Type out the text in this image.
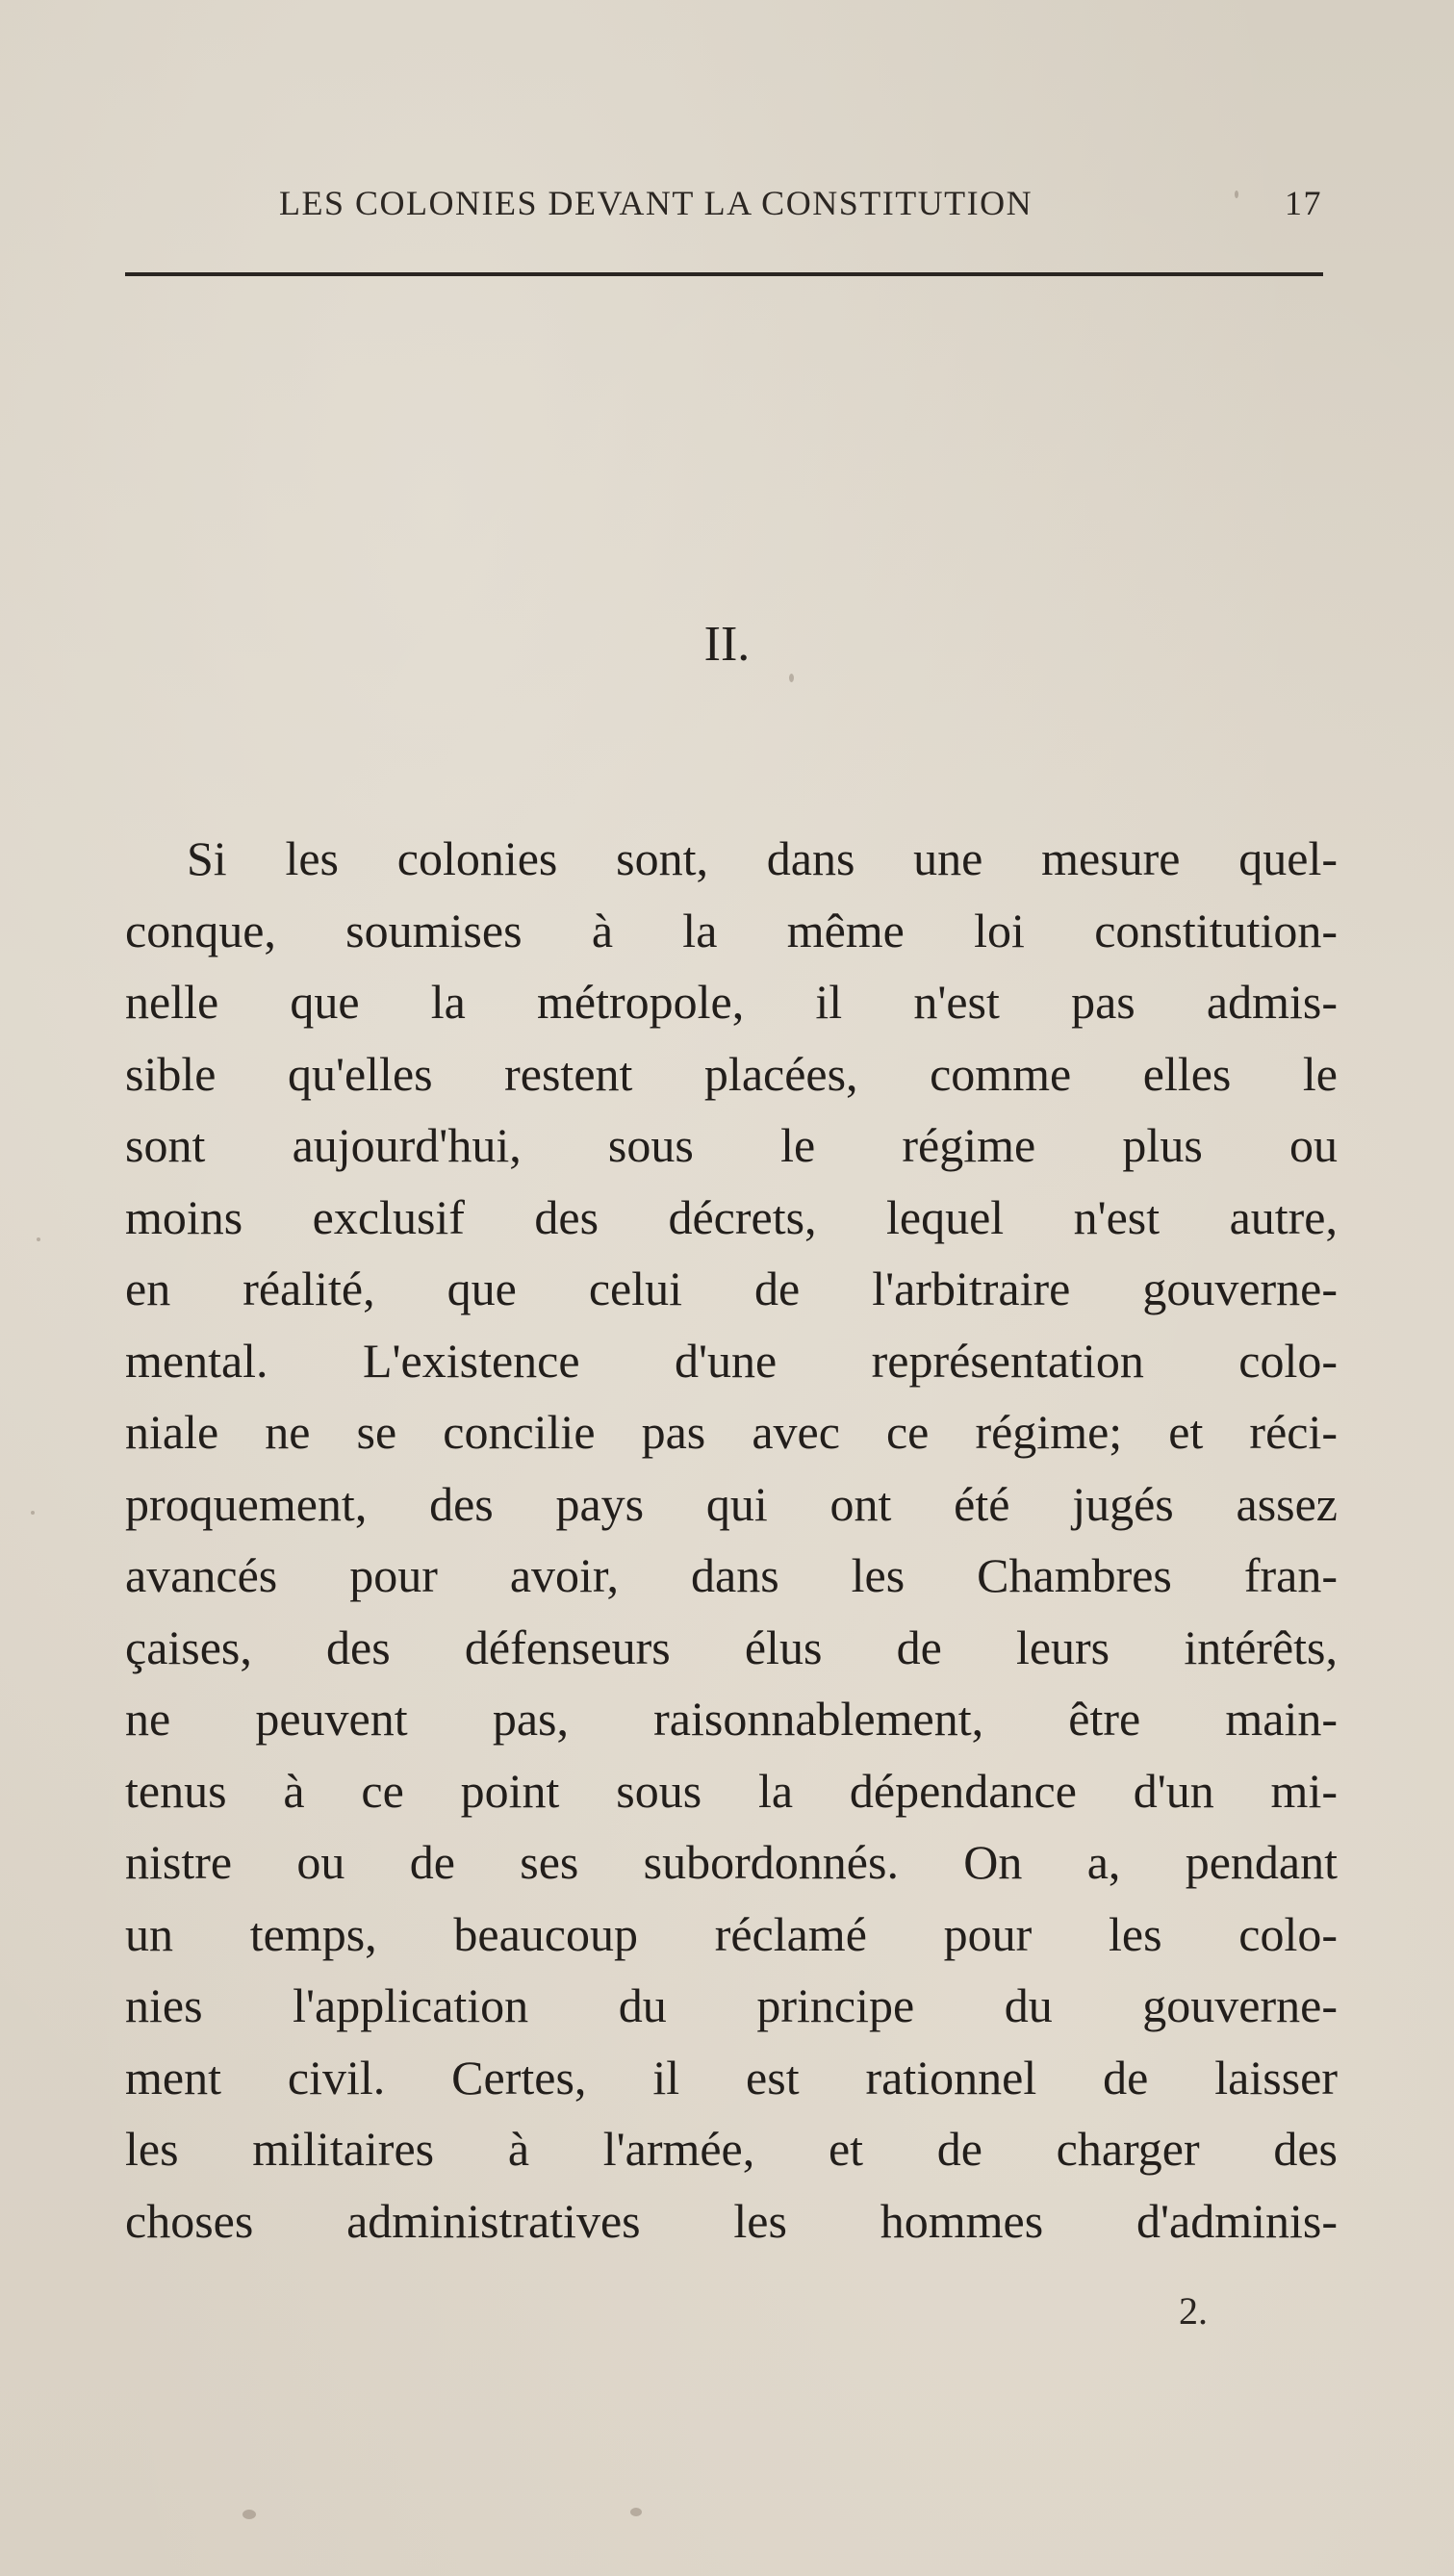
LES COLONIES DEVANT LA CONSTITUTION	17
II.
Si les colonies sont, dans une mesure quel-
conque, soumises à la même loi constitution-
nelle que la métropole, il n'est pas admis-
sible qu'elles restent placées, comme elles le
sont aujourd'hui, sous le régime plus ou
moins exclusif des décrets, lequel n'est autre,
en réalité, que celui de l'arbitraire gouverne-
mental. L'existence d'une représentation colo-
niale ne se concilie pas avec ce régime; et réci-
proquement, des pays qui ont été jugés assez
avancés pour avoir, dans les Chambres fran-
çaises, des défenseurs élus de leurs intérêts,
ne peuvent pas, raisonnablement, être main-
tenus à ce point sous la dépendance d'un mi-
nistre ou de ses subordonnés. On a, pendant
un temps, beaucoup réclamé pour les colo-
nies l'application du principe du gouverne-
ment civil. Certes, il est rationnel de laisser
les militaires à l'armée, et de charger des
choses administratives les hommes d'adminis-
2.
